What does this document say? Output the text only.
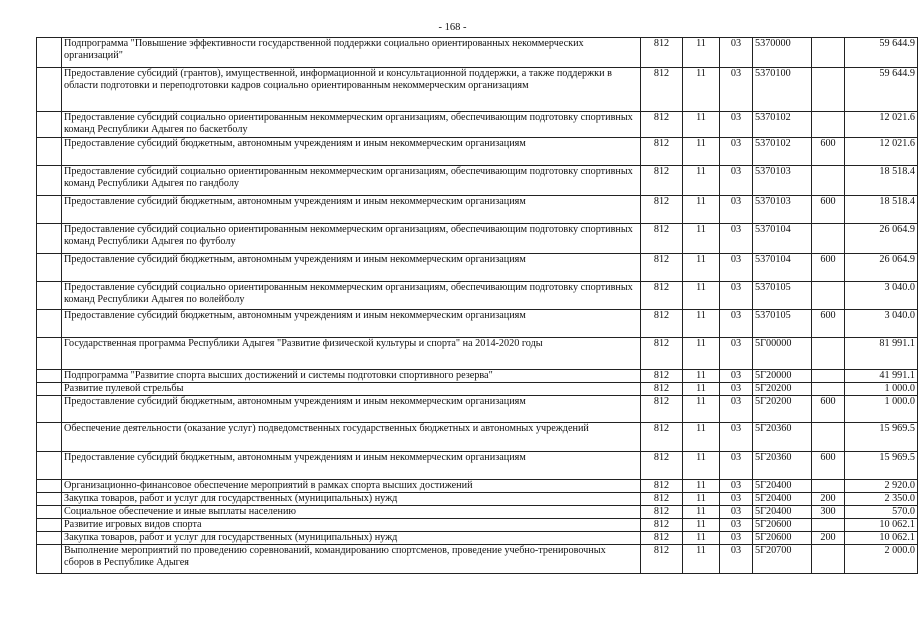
- 168 -
	Подпрограмма "Повышение эффективности государственной поддержки социально ориентированных некоммерческих организаций"	812	11	03	5370000		59 644.9
	Предоставление субсидий (грантов), имущественной, информационной и консультационной поддержки, а также поддержки в области подготовки и переподготовки кадров социально ориентированным некоммерческим организациям	812	11	03	5370100		59 644.9
	Предоставление субсидий социально ориентированным некоммерческим организациям, обеспечивающим подготовку спортивных команд Республики Адыгея по баскетболу	812	11	03	5370102		12 021.6
	Предоставление субсидий бюджетным, автономным учреждениям и иным некоммерческим организациям	812	11	03	5370102	600	12 021.6
	Предоставление субсидий социально ориентированным некоммерческим организациям, обеспечивающим подготовку спортивных команд Республики Адыгея по гандболу	812	11	03	5370103		18 518.4
	Предоставление субсидий бюджетным, автономным учреждениям и иным некоммерческим организациям	812	11	03	5370103	600	18 518.4
	Предоставление субсидий социально ориентированным некоммерческим организациям, обеспечивающим подготовку спортивных команд Республики Адыгея по футболу	812	11	03	5370104		26 064.9
	Предоставление субсидий бюджетным, автономным учреждениям и иным некоммерческим организациям	812	11	03	5370104	600	26 064.9
	Предоставление субсидий социально ориентированным некоммерческим организациям, обеспечивающим подготовку спортивных команд Республики Адыгея по волейболу	812	11	03	5370105		3 040.0
	Предоставление субсидий бюджетным, автономным учреждениям и иным некоммерческим организациям	812	11	03	5370105	600	3 040.0
	Государственная программа Республики Адыгея "Развитие физической культуры и спорта" на 2014-2020 годы	812	11	03	5Г00000		81 991.1
	Подпрограмма "Развитие спорта высших достижений и системы подготовки спортивного резерва"	812	11	03	5Г20000		41 991.1
	Развитие пулевой стрельбы	812	11	03	5Г20200		1 000.0
	Предоставление субсидий бюджетным, автономным учреждениям и иным некоммерческим организациям	812	11	03	5Г20200	600	1 000.0
	Обеспечение деятельности (оказание услуг) подведомственных государственных бюджетных и автономных учреждений	812	11	03	5Г20360		15 969.5
	Предоставление субсидий бюджетным, автономным учреждениям и иным некоммерческим организациям	812	11	03	5Г20360	600	15 969.5
	Организационно-финансовое обеспечение мероприятий в рамках спорта высших достижений	812	11	03	5Г20400		2 920.0
	Закупка товаров, работ и услуг для государственных (муниципальных) нужд	812	11	03	5Г20400	200	2 350.0
	Социальное обеспечение и иные выплаты населению	812	11	03	5Г20400	300	570.0
	Развитие игровых видов спорта	812	11	03	5Г20600		10 062.1
	Закупка товаров, работ и услуг для государственных (муниципальных) нужд	812	11	03	5Г20600	200	10 062.1
	Выполнение мероприятий по проведению соревнований, командированию спортсменов, проведение учебно-тренировочных сборов в Республике Адыгея	812	11	03	5Г20700		2 000.0
